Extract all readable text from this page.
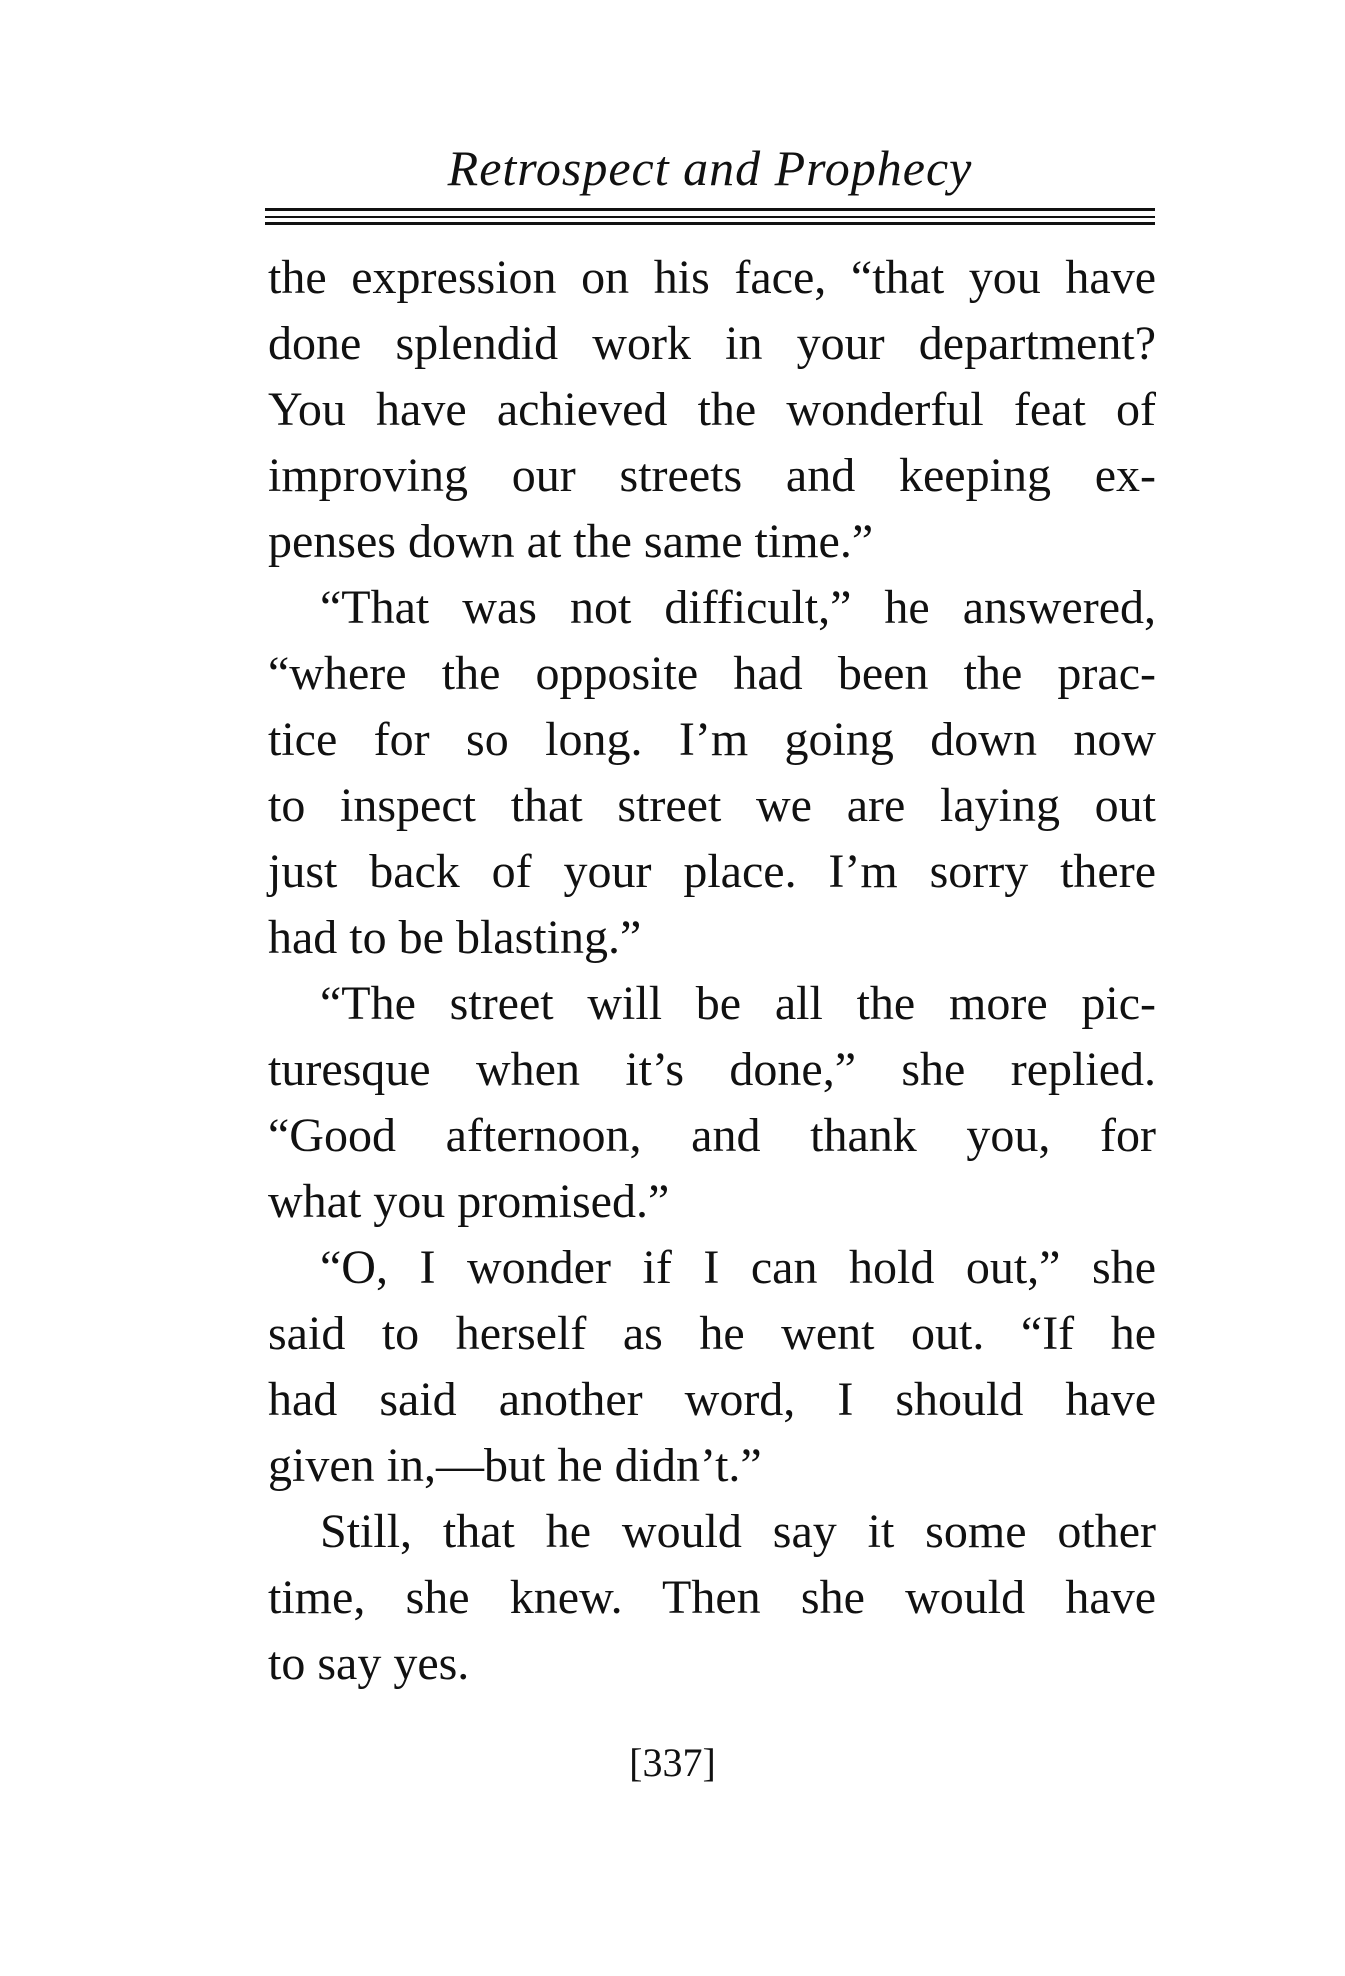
Retrospect and Prophecy
the expression on his face, “that you have
done splendid work in your department?
You have achieved the wonderful feat of
improving our streets and keeping ex-
penses down at the same time.”
“That was not difficult,” he answered,
“where the opposite had been the prac-
tice for so long. I’m going down now
to inspect that street we are laying out
just back of your place. I’m sorry there
had to be blasting.”
“The street will be all the more pic-
turesque when it’s done,” she replied.
“Good afternoon, and thank you, for
what you promised.”
“O, I wonder if I can hold out,” she
said to herself as he went out. “If he
had said another word, I should have
given in,—but he didn’t.”
Still, that he would say it some other
time, she knew. Then she would have
to say yes.
[337]
